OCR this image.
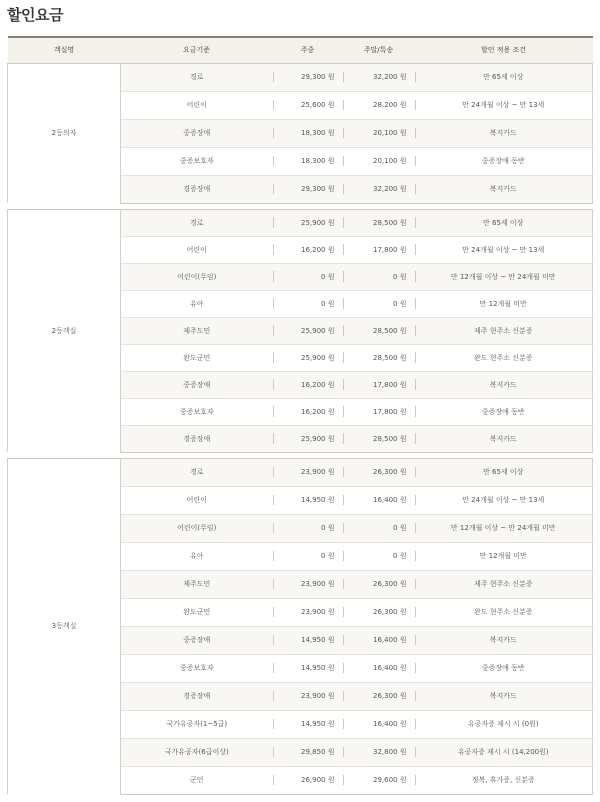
할인요금
객실명	요금기준	주중	주말/특송	할인 적용 조건
2등의자	경로	29,300 원	32,200 원	만 65세 이상
	어린이	25,600 원	28,200 원	만 24개월 이상 ~ 만 13세
	중증장애	18,300 원	20,100 원	복지카드
	중증보호자	18,300 원	20,100 원	중증장애 동반
	경증장애	29,300 원	32,200 원	복지카드

2등객실	경로	25,900 원	28,500 원	만 65세 이상
	어린이	16,200 원	17,800 원	만 24개월 이상 ~ 만 13세
	어린이(무임)	0 원	0 원	만 12개월 이상 ~ 만 24개월 미만
	유아	0 원	0 원	만 12개월 미만
	제주도민	25,900 원	28,500 원	제주 현주소 신분증
	완도군민	25,900 원	28,500 원	완도 현주소 신분증
	중증장애	16,200 원	17,800 원	복지카드
	중증보호자	16,200 원	17,800 원	중증장애 동반
	경증장애	25,900 원	28,500 원	복지카드

3등객실	경로	23,900 원	26,300 원	만 65세 이상
	어린이	14,950 원	16,400 원	만 24개월 이상 ~ 만 13세
	어린이(무임)	0 원	0 원	만 12개월 이상 ~ 만 24개월 미만
	유아	0 원	0 원	만 12개월 미만
	제주도민	23,900 원	26,300 원	제주 현주소 신분증
	완도군민	23,900 원	26,300 원	완도 현주소 신분증
	중증장애	14,950 원	16,400 원	복지카드
	중증보호자	14,950 원	16,400 원	중증장애 동반
	경증장애	23,900 원	26,300 원	복지카드
	국가유공자(1~5급)	14,950 원	16,400 원	유공자증 제시 시 (0원)
	국가유공자(6급이상)	29,850 원	32,800 원	유공자증 제시 시 (14,200원)
	군인	26,900 원	29,600 원	정복, 휴가증, 신분증
